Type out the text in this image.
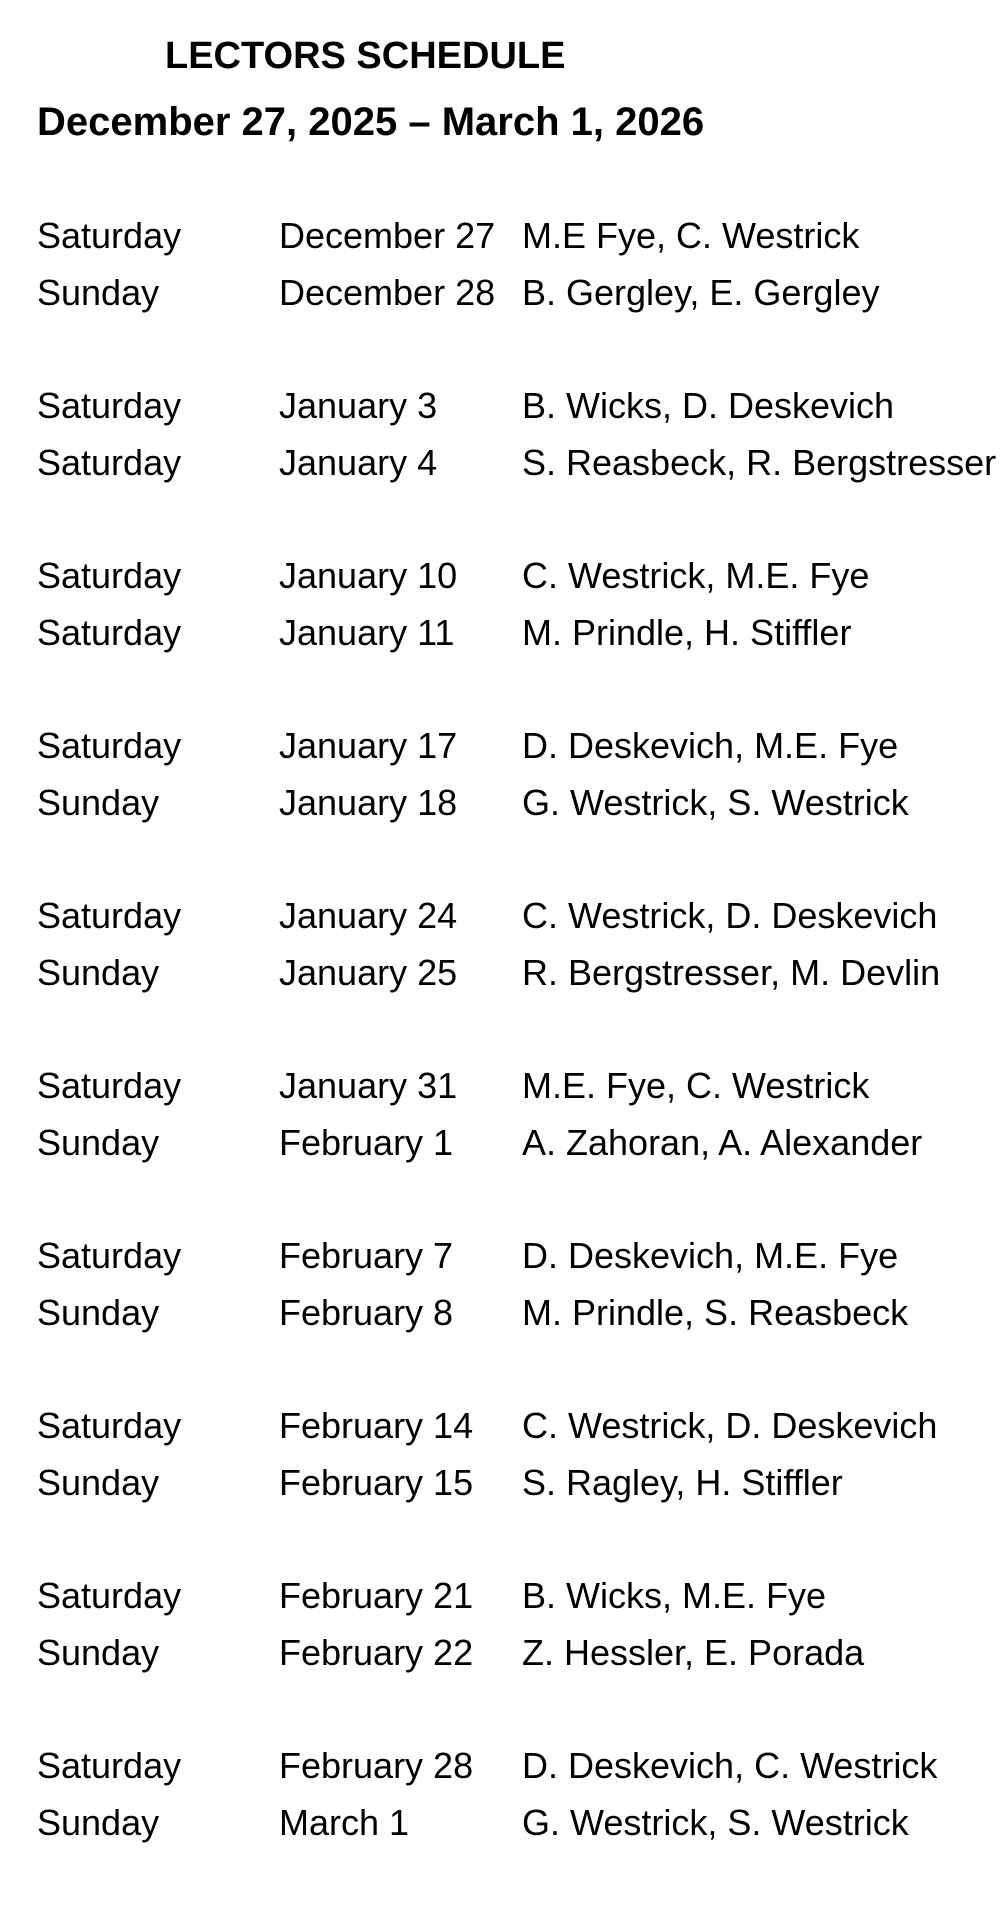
LECTORS SCHEDULE
December 27, 2025 – March 1, 2026
Saturday	December 27 M.E Fye, C. Westrick
Sunday	December 28 B. Gergley, E. Gergley
Saturday	January 3 B. Wicks, D. Deskevich
Saturday	January 4 S. Reasbeck, R. Bergstresser
Saturday	January 10 C. Westrick, M.E. Fye
Saturday	January 11 M. Prindle, H. Stiffler
Saturday	January 17 D. Deskevich, M.E. Fye
Sunday	January 18 G. Westrick, S. Westrick
Saturday	January 24 C. Westrick, D. Deskevich
Sunday	January 25 R. Bergstresser, M. Devlin
Saturday	January 31 M.E. Fye, C. Westrick
Sunday	February 1 A. Zahoran, A. Alexander
Saturday	February 7 D. Deskevich, M.E. Fye
Sunday	February 8 M. Prindle, S. Reasbeck
Saturday	February 14 C. Westrick, D. Deskevich
Sunday	February 15 S. Ragley, H. Stiffler
Saturday	February 21 B. Wicks, M.E. Fye
Sunday	February 22 Z. Hessler, E. Porada
Saturday	February 28 D. Deskevich, C. Westrick
Sunday	March 1	G. Westrick, S. Westrick
